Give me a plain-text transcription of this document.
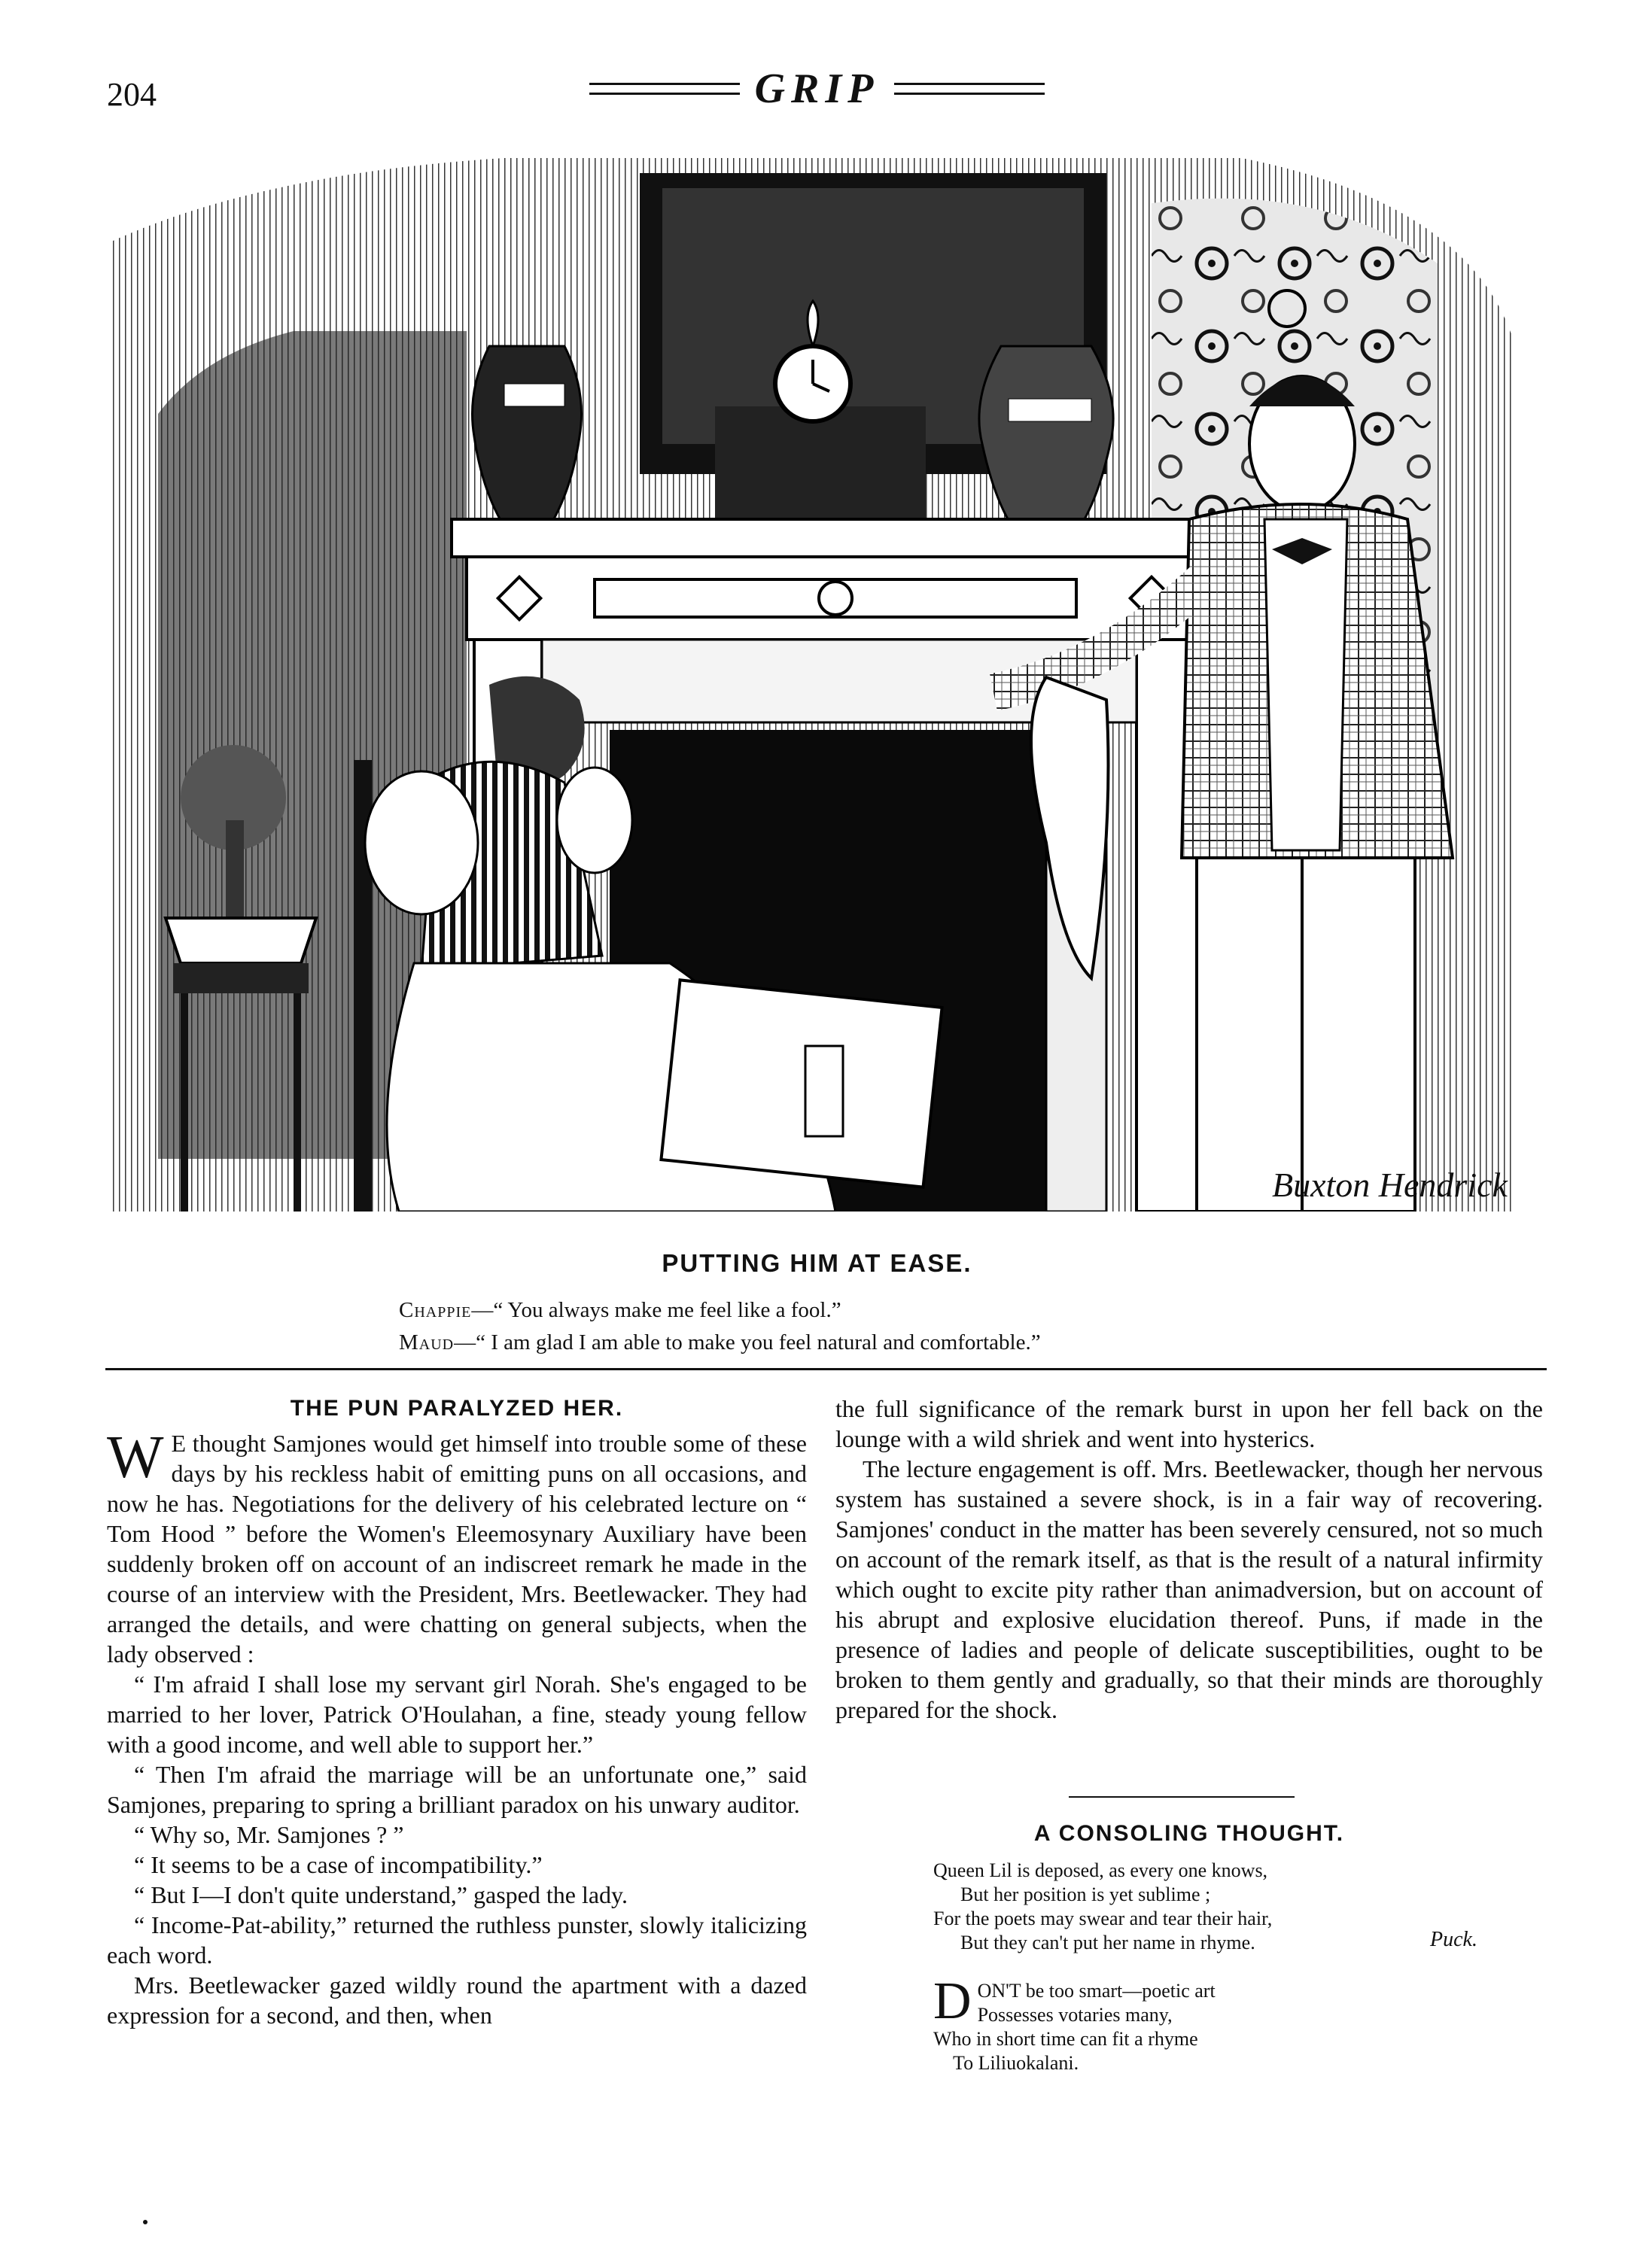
204	GRIP
Buxton Hendrick
PUTTING HIM AT EASE.
Chappie—“ You always make me feel like a fool.”
Maud—“ I am glad I am able to make you feel natural and comfortable.”
THE PUN PARALYZED HER.

W E thought Samjones would get himself into trouble some of these days by his reckless habit of emitting puns on all occasions, and now he has. Negotiations for the delivery of his celebrated lecture on “ Tom Hood ” before the Women's Eleemosynary Auxiliary have been suddenly broken off on account of an indiscreet remark he made in the course of an interview with the President, Mrs. Beetlewacker. They had arranged the details, and were chatting on general subjects, when the lady observed :

“ I'm afraid I shall lose my servant girl Norah. She's engaged to be married to her lover, Patrick O'Houlahan, a fine, steady young fellow with a good income, and well able to support her.”

“ Then I'm afraid the marriage will be an unfortunate one,” said Samjones, preparing to spring a brilliant paradox on his unwary auditor.

“ Why so, Mr. Samjones ? ”

“ It seems to be a case of incompatibility.”

“ But I—I don't quite understand,” gasped the lady.

“ Income-Pat-ability,” returned the ruthless punster, slowly italicizing each word.

Mrs. Beetlewacker gazed wildly round the apartment with a dazed expression for a second, and then, when

the full significance of the remark burst in upon her fell back on the lounge with a wild shriek and went into hysterics.

The lecture engagement is off. Mrs. Beetlewacker, though her nervous system has sustained a severe shock, is in a fair way of recovering. Samjones' conduct in the matter has been severely censured, not so much on account of the remark itself, as that is the result of a natural infirmity which ought to excite pity rather than animadversion, but on account of his abrupt and explosive elucidation thereof. Puns, if made in the presence of ladies and people of delicate susceptibilities, ought to be broken to them gently and gradually, so that their minds are thoroughly prepared for the shock.

A CONSOLING THOUGHT.
Queen Lil is deposed, as every one knows,
But her position is yet sublime ;
For the poets may swear and tear their hair,
But they can't put her name in rhyme.	Puck.
D ON'T be too smart—poetic art
Possesses votaries many,
Who in short time can fit a rhyme
To Liliuokalani.
